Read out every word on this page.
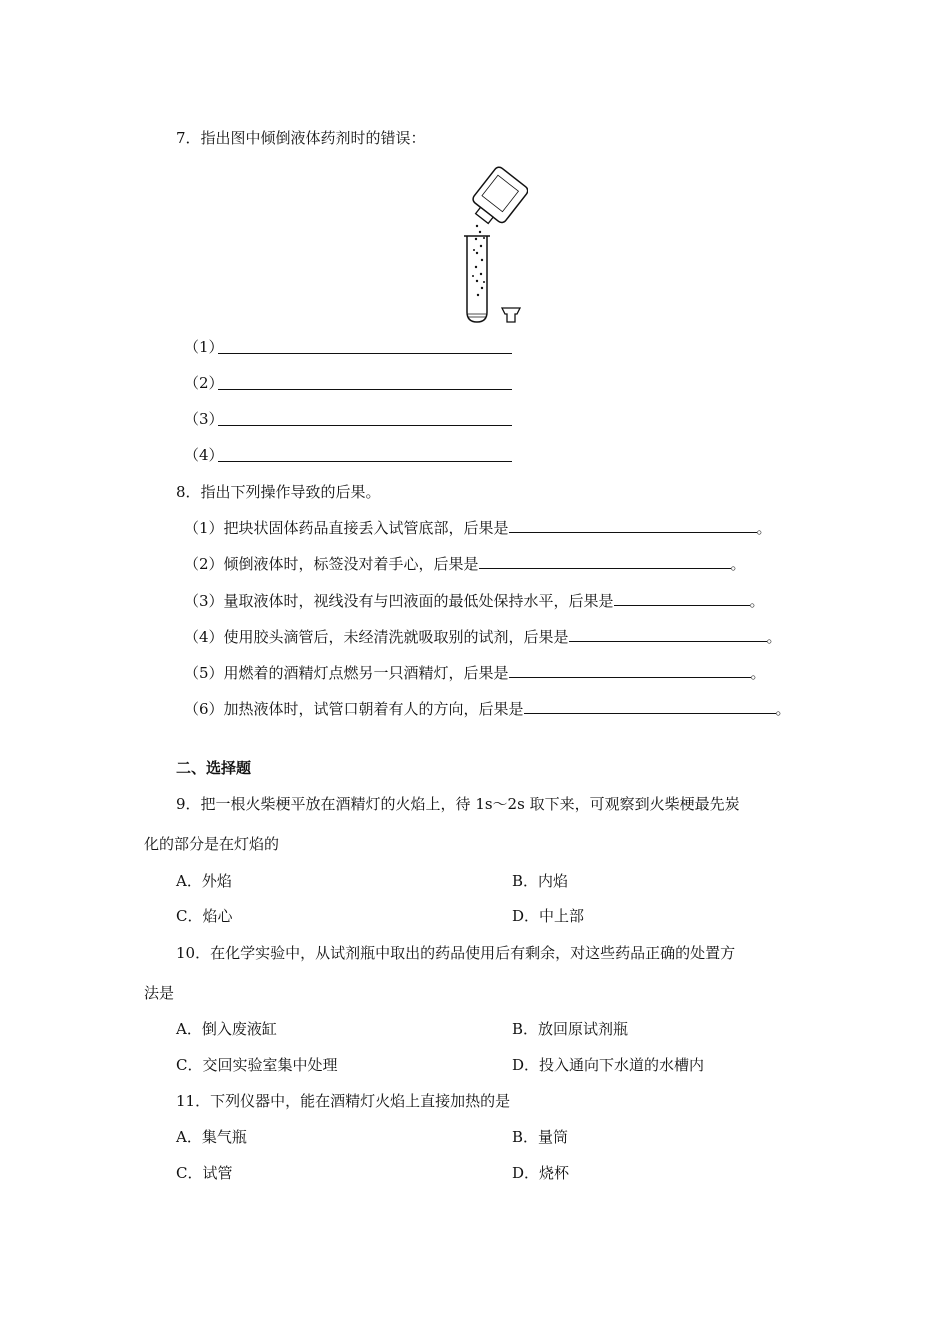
7．指出图中倾倒液体药剂时的错误：
（1）
（2）
（3）
（4）
8．指出下列操作导致的后果。
（1）把块状固体药品直接丢入试管底部，后果是	。
（2）倾倒液体时，标签没对着手心，后果是	。
（3）量取液体时，视线没有与凹液面的最低处保持水平，后果是	。
（4）使用胶头滴管后，未经清洗就吸取别的试剂，后果是	。
（5）用燃着的酒精灯点燃另一只酒精灯，后果是	。
（6）加热液体时，试管口朝着有人的方向，后果是	。
二、选择题
9．把一根火柴梗平放在酒精灯的火焰上，待 1s～2s 取下来，可观察到火柴梗最先炭
化的部分是在灯焰的
A．外焰	B．内焰
C．焰心	D．中上部
10．在化学实验中，从试剂瓶中取出的药品使用后有剩余，对这些药品正确的处置方
法是
A．倒入废液缸	B．放回原试剂瓶
C．交回实验室集中处理	D．投入通向下水道的水槽内
11．下列仪器中，能在酒精灯火焰上直接加热的是
A．集气瓶	B．量筒
C．试管	D．烧杯
